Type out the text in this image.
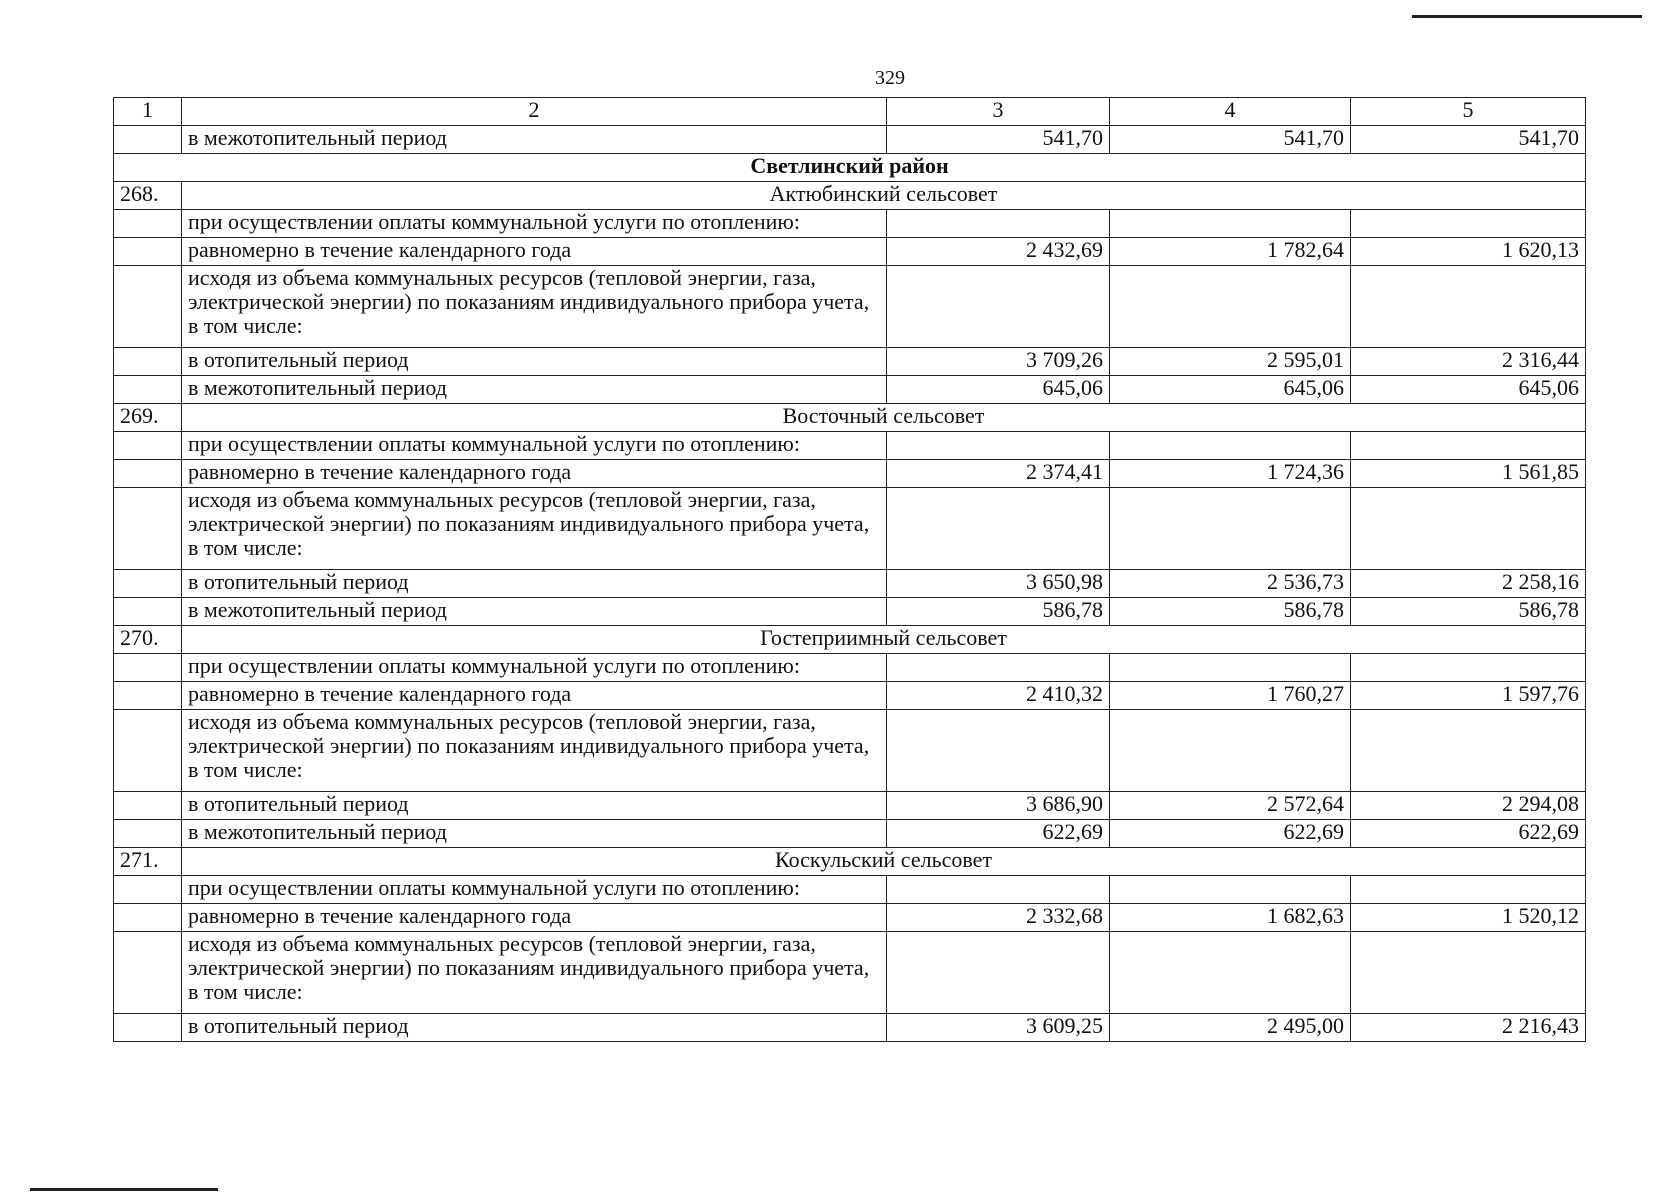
329
1	2	3	4	5
	в межотопительный период	541,70	541,70	541,70
Светлинский район				
268.	Актюбинский сельсовет			
	при осуществлении оплаты коммунальной услуги по отоплению:			
	равномерно в течение календарного года	2 432,69	1 782,64	1 620,13
	исходя из объема коммунальных ресурсов (тепловой энергии, газа, электрической энергии) по показаниям индивидуального прибора учета, в том числе:			
	в отопительный период	3 709,26	2 595,01	2 316,44
	в межотопительный период	645,06	645,06	645,06
269.	Восточный сельсовет			
	при осуществлении оплаты коммунальной услуги по отоплению:			
	равномерно в течение календарного года	2 374,41	1 724,36	1 561,85
	исходя из объема коммунальных ресурсов (тепловой энергии, газа, электрической энергии) по показаниям индивидуального прибора учета, в том числе:			
	в отопительный период	3 650,98	2 536,73	2 258,16
	в межотопительный период	586,78	586,78	586,78
270.	Гостеприимный сельсовет			
	при осуществлении оплаты коммунальной услуги по отоплению:			
	равномерно в течение календарного года	2 410,32	1 760,27	1 597,76
	исходя из объема коммунальных ресурсов (тепловой энергии, газа, электрической энергии) по показаниям индивидуального прибора учета, в том числе:			
	в отопительный период	3 686,90	2 572,64	2 294,08
	в межотопительный период	622,69	622,69	622,69
271.	Коскульский сельсовет			
	при осуществлении оплаты коммунальной услуги по отоплению:			
	равномерно в течение календарного года	2 332,68	1 682,63	1 520,12
	исходя из объема коммунальных ресурсов (тепловой энергии, газа, электрической энергии) по показаниям индивидуального прибора учета, в том числе:			
	в отопительный период	3 609,25	2 495,00	2 216,43
